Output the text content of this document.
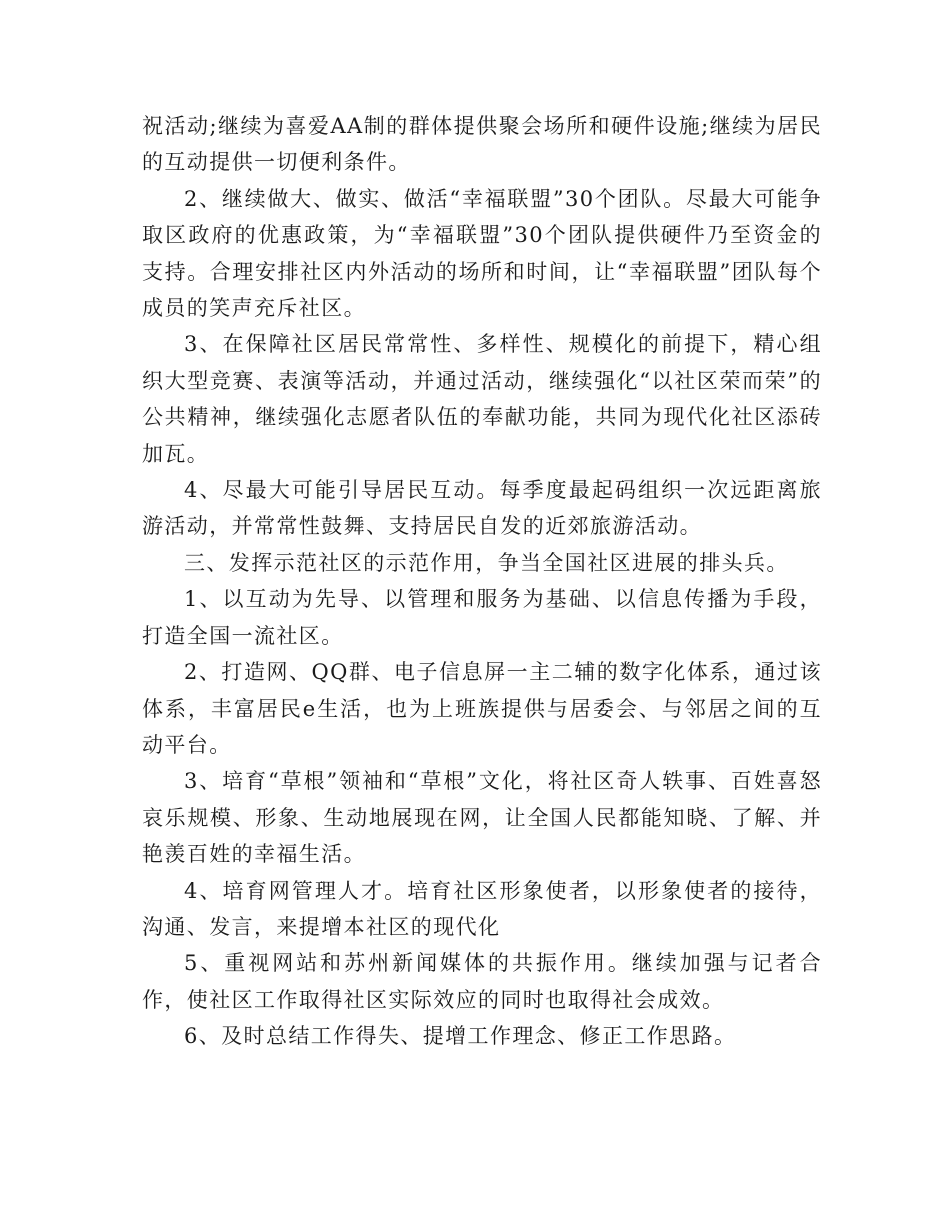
祝活动;继续为喜爱AA制的群体提供聚会场所和硬件设施;继续为居民的互动提供一切便利条件。

2、继续做大、做实、做活“幸福联盟”30个团队。尽最大可能争取区政府的优惠政策，为“幸福联盟”30个团队提供硬件乃至资金的支持。合理安排社区内外活动的场所和时间，让“幸福联盟”团队每个成员的笑声充斥社区。

3、在保障社区居民常常性、多样性、规模化的前提下，精心组织大型竞赛、表演等活动，并通过活动，继续强化“以社区荣而荣”的公共精神，继续强化志愿者队伍的奉献功能，共同为现代化社区添砖加瓦。

4、尽最大可能引导居民互动。每季度最起码组织一次远距离旅游活动，并常常性鼓舞、支持居民自发的近郊旅游活动。

三、发挥示范社区的示范作用，争当全国社区进展的排头兵。

1、以互动为先导、以管理和服务为基础、以信息传播为手段，打造全国一流社区。

2、打造网、QQ群、电子信息屏一主二辅的数字化体系，通过该体系，丰富居民e生活，也为上班族提供与居委会、与邻居之间的互动平台。

3、培育“草根”领袖和“草根”文化，将社区奇人轶事、百姓喜怒哀乐规模、形象、生动地展现在网，让全国人民都能知晓、了解、并艳羡百姓的幸福生活。

4、培育网管理人才。培育社区形象使者，以形象使者的接待，沟通、发言，来提增本社区的现代化

5、重视网站和苏州新闻媒体的共振作用。继续加强与记者合作，使社区工作取得社区实际效应的同时也取得社会成效。

6、及时总结工作得失、提增工作理念、修正工作思路。
